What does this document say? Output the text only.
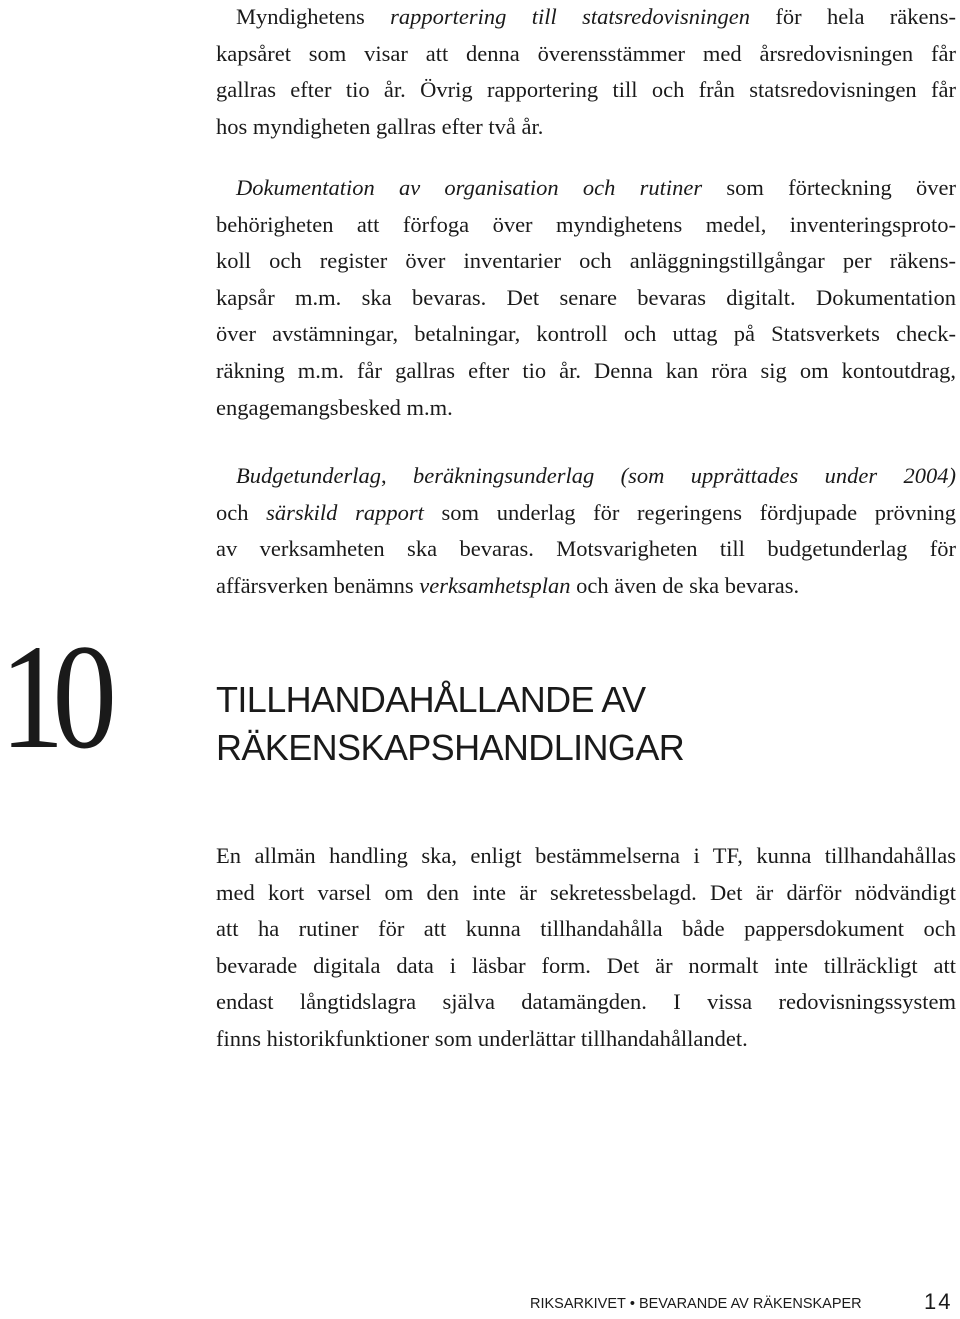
Myndighetens rapportering till statsredovisningen för hela räkens-
kapsåret som visar att denna överensstämmer med årsredovisningen får
gallras efter tio år. Övrig rapportering till och från statsredovisningen får
hos myndigheten gallras efter två år.
Dokumentation av organisation och rutiner som förteckning över
behörigheten att förfoga över myndighetens medel, inventeringsproto-
koll och register över inventarier och anläggningstillgångar per räkens-
kapsår m.m. ska bevaras. Det senare bevaras digitalt. Dokumentation
över avstämningar, betalningar, kontroll och uttag på Statsverkets check-
räkning m.m. får gallras efter tio år. Denna kan röra sig om kontoutdrag,
engagemangsbesked m.m.
Budgetunderlag, beräkningsunderlag (som upprättades under 2004)
och särskild rapport som underlag för regeringens fördjupade prövning
av verksamheten ska bevaras. Motsvarigheten till budgetunderlag för
affärsverken benämns verksamhetsplan och även de ska bevaras.
10	TILLHANDAHÅLLANDE AV
RÄKENSKAPSHANDLINGAR
En allmän handling ska, enligt bestämmelserna i TF, kunna tillhandahållas
med kort varsel om den inte är sekretessbelagd. Det är därför nödvändigt
att ha rutiner för att kunna tillhandahålla både pappersdokument och
bevarade digitala data i läsbar form. Det är normalt inte tillräckligt att
endast långtidslagra själva datamängden. I vissa redovisningssystem
finns historikfunktioner som underlättar tillhandahållandet.
RIKSARKIVET • BEVARANDE AV RÄKENSKAPER	14
